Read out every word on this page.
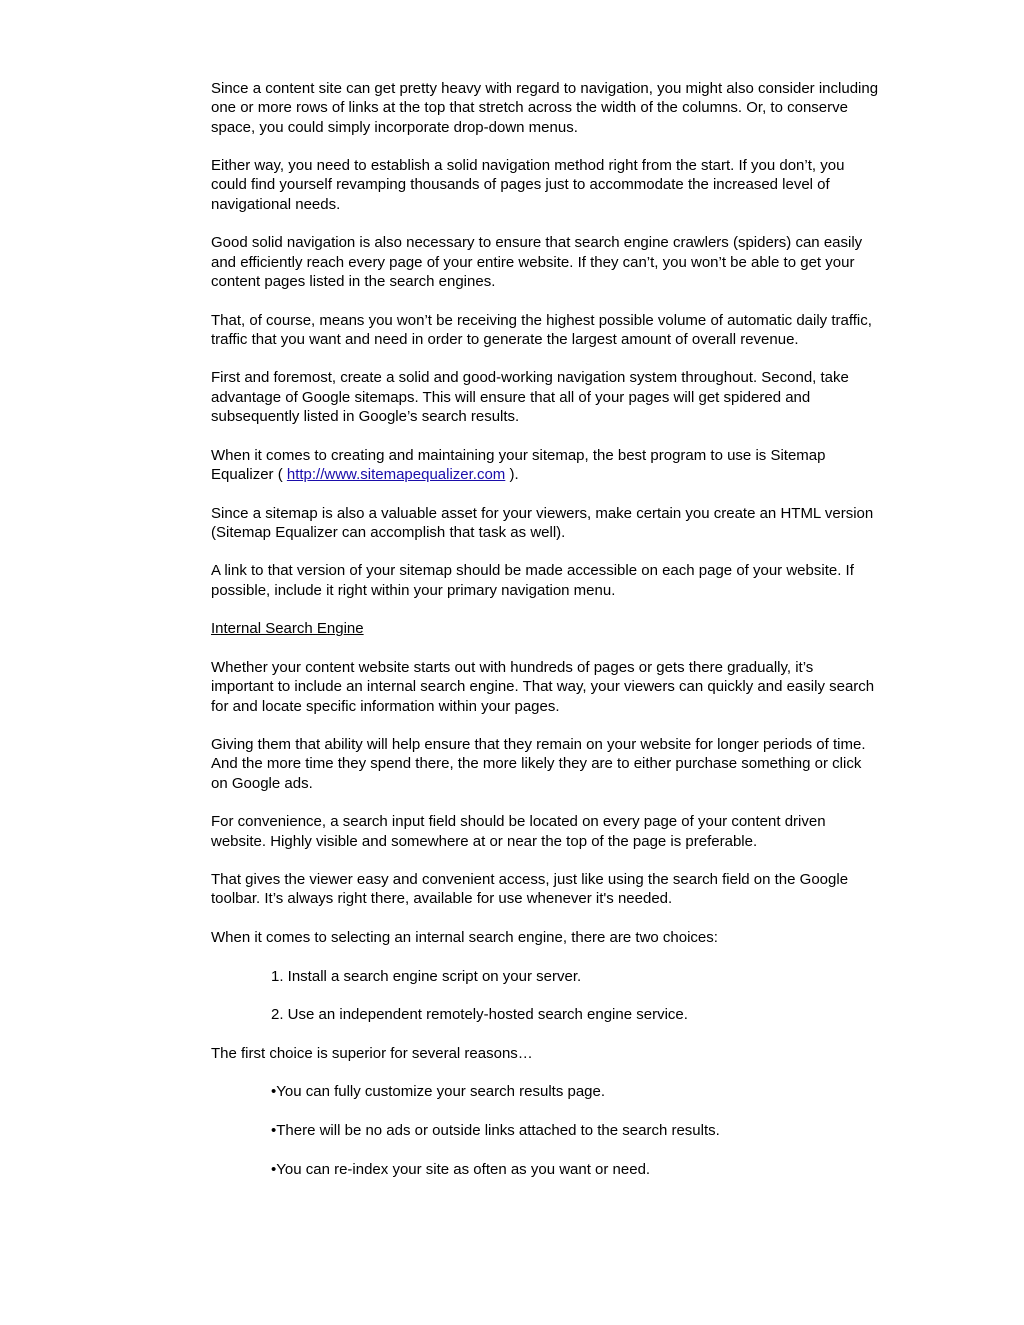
Since a content site can get pretty heavy with regard to navigation, you might also consider including one or more rows of links at the top that stretch across the width of the columns. Or, to conserve space, you could simply incorporate drop-down menus.

Either way, you need to establish a solid navigation method right from the start. If you don’t, you could find yourself revamping thousands of pages just to accommodate the increased level of navigational needs.

Good solid navigation is also necessary to ensure that search engine crawlers (spiders) can easily and efficiently reach every page of your entire website. If they can’t, you won’t be able to get your content pages listed in the search engines.

That, of course, means you won’t be receiving the highest possible volume of automatic daily traffic, traffic that you want and need in order to generate the largest amount of overall revenue.

First and foremost, create a solid and good-working navigation system throughout. Second, take advantage of Google sitemaps. This will ensure that all of your pages will get spidered and subsequently listed in Google’s search results.

When it comes to creating and maintaining your sitemap, the best program to use is Sitemap Equalizer ( http://www.sitemapequalizer.com ).

Since a sitemap is also a valuable asset for your viewers, make certain you create an HTML version (Sitemap Equalizer can accomplish that task as well).

A link to that version of your sitemap should be made accessible on each page of your website. If possible, include it right within your primary navigation menu.

Internal Search Engine

Whether your content website starts out with hundreds of pages or gets there gradually, it’s important to include an internal search engine. That way, your viewers can quickly and easily search for and locate specific information within your pages.

Giving them that ability will help ensure that they remain on your website for longer periods of time. And the more time they spend there, the more likely they are to either purchase something or click on Google ads.

For convenience, a search input field should be located on every page of your content driven website. Highly visible and somewhere at or near the top of the page is preferable.

That gives the viewer easy and convenient access, just like using the search field on the Google toolbar. It’s always right there, available for use whenever it's needed.

When it comes to selecting an internal search engine, there are two choices:

1. Install a search engine script on your server.

2. Use an independent remotely-hosted search engine service.

The first choice is superior for several reasons…

•You can fully customize your search results page.

•There will be no ads or outside links attached to the search results.

•You can re-index your site as often as you want or need.
